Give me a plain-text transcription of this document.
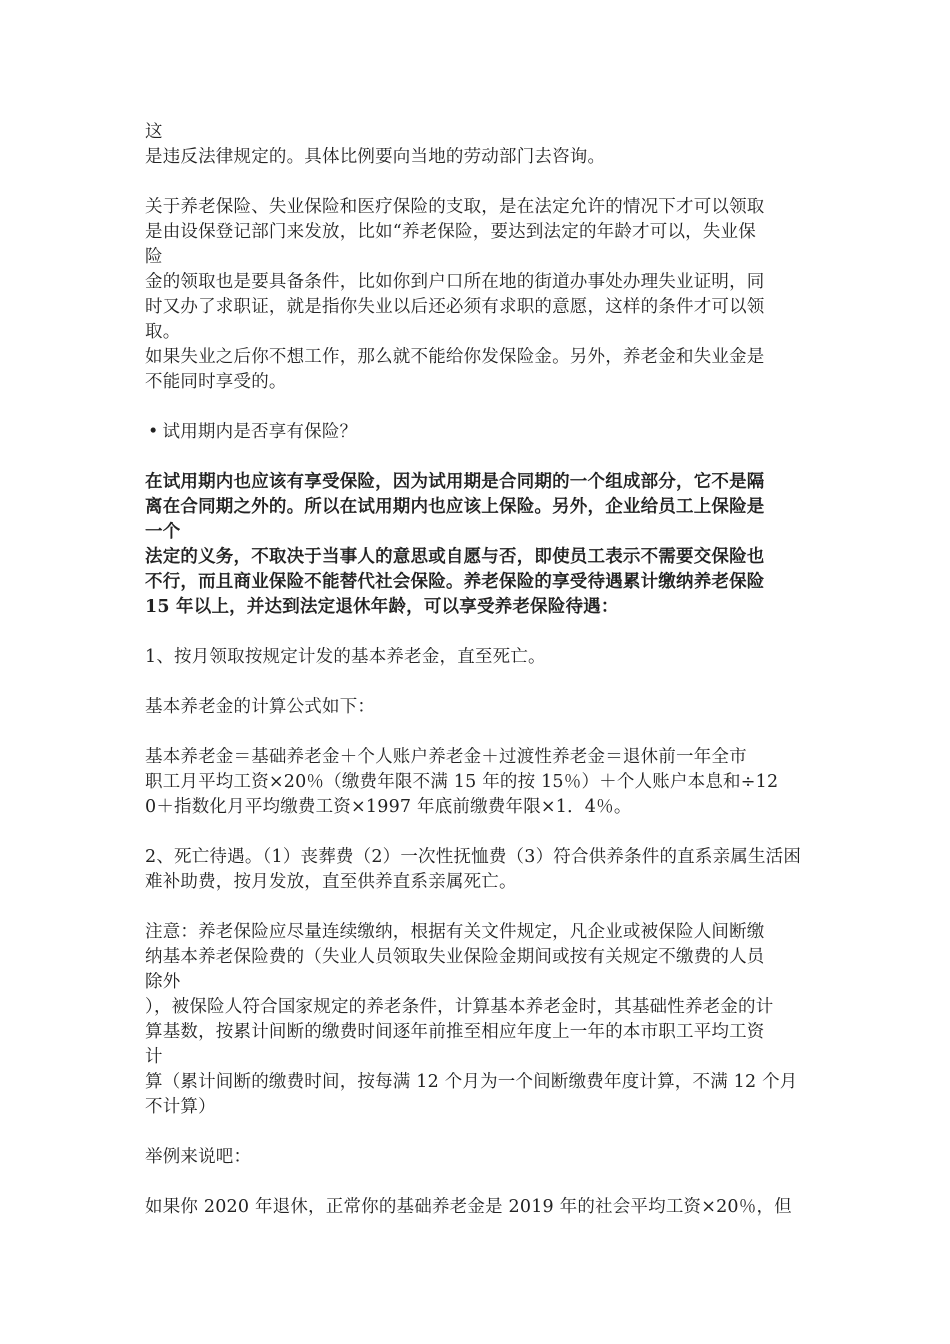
这
是违反法律规定的。具体比例要向当地的劳动部门去咨询。
关于养老保险、失业保险和医疗保险的支取，是在法定允许的情况下才可以领取
是由设保登记部门来发放，比如“养老保险，要达到法定的年龄才可以，失业保
险
金的领取也是要具备条件，比如你到户口所在地的街道办事处办理失业证明，同
时又办了求职证，就是指你失业以后还必须有求职的意愿，这样的条件才可以领
取。
如果失业之后你不想工作，那么就不能给你发保险金。另外，养老金和失业金是
不能同时享受的。
• 试用期内是否享有保险？
在试用期内也应该有享受保险，因为试用期是合同期的一个组成部分，它不是隔
离在合同期之外的。所以在试用期内也应该上保险。另外，企业给员工上保险是
一个
法定的义务，不取决于当事人的意思或自愿与否，即使员工表示不需要交保险也
不行，而且商业保险不能替代社会保险。养老保险的享受待遇累计缴纳养老保险
15 年以上，并达到法定退休年龄，可以享受养老保险待遇：
1、按月领取按规定计发的基本养老金，直至死亡。
基本养老金的计算公式如下：
基本养老金＝基础养老金＋个人账户养老金＋过渡性养老金＝退休前一年全市
职工月平均工资×20％（缴费年限不满 15 年的按 15％）＋个人账户本息和÷12
0＋指数化月平均缴费工资×1997 年底前缴费年限×1．4％。
2、死亡待遇。（1）丧葬费（2）一次性抚恤费（3）符合供养条件的直系亲属生活困
难补助费，按月发放，直至供养直系亲属死亡。
注意：养老保险应尽量连续缴纳，根据有关文件规定，凡企业或被保险人间断缴
纳基本养老保险费的（失业人员领取失业保险金期间或按有关规定不缴费的人员
除外
），被保险人符合国家规定的养老条件，计算基本养老金时，其基础性养老金的计
算基数，按累计间断的缴费时间逐年前推至相应年度上一年的本市职工平均工资
计
算（累计间断的缴费时间，按每满 12 个月为一个间断缴费年度计算，不满 12 个月
不计算）
举例来说吧：
如果你 2020 年退休，正常你的基础养老金是 2019 年的社会平均工资×20％，但
